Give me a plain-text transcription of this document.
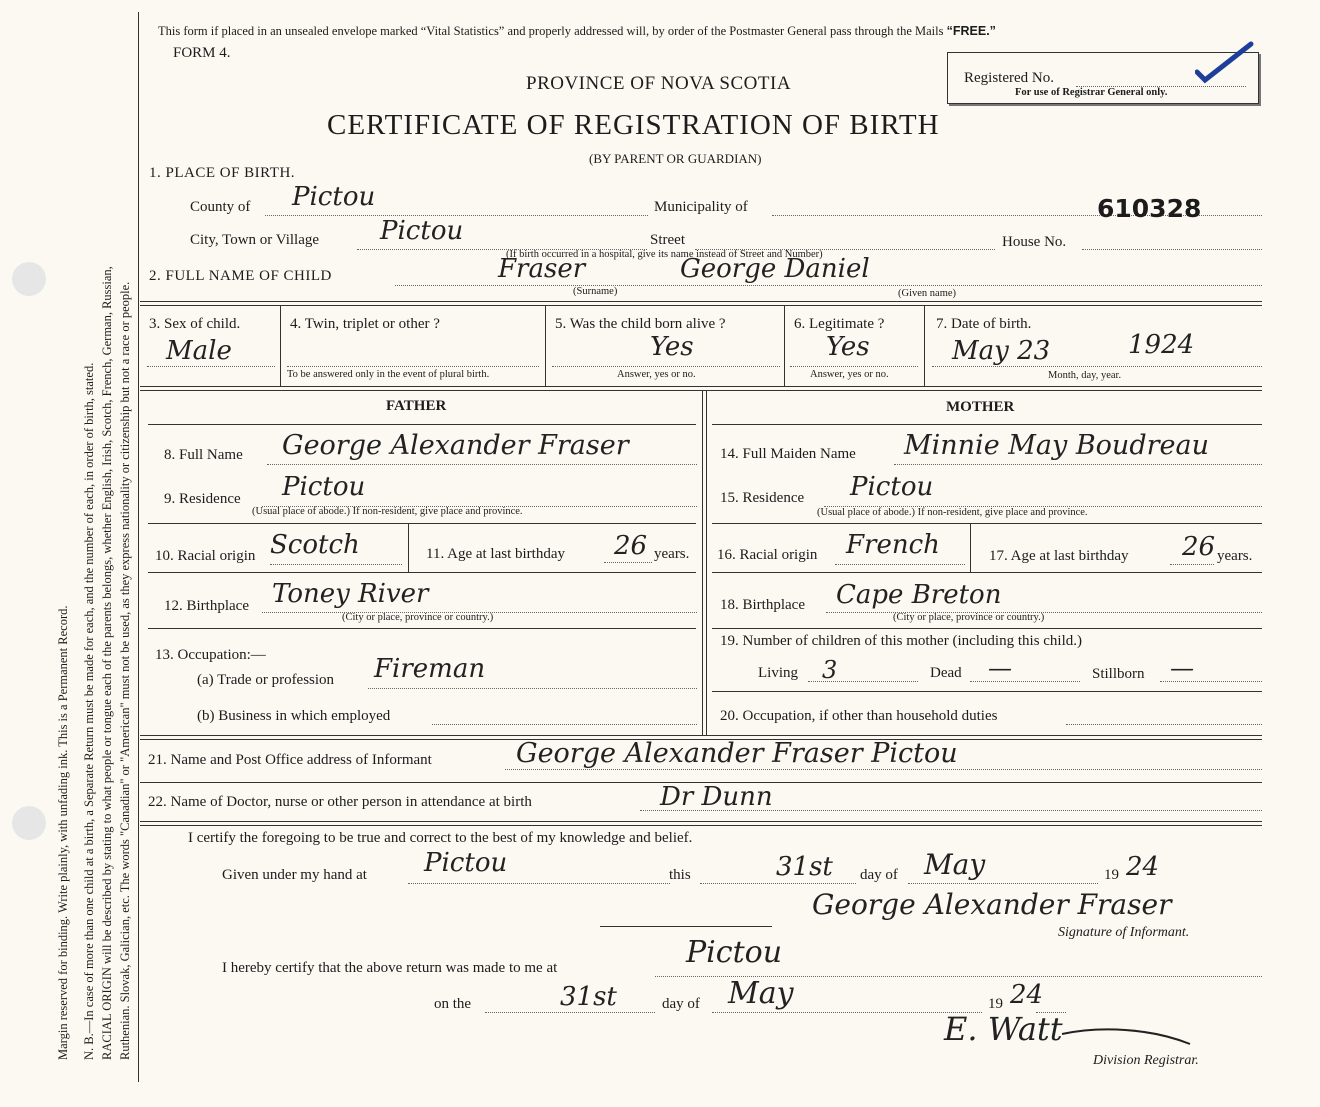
Margin reserved for binding. Write plainly, with unfading ink. This is a Permanent Record. N. B.—In case of more than one child at a birth, a Separate Return must be made for each, and the number of each, in order of birth, stated. RACIAL ORIGIN will be described by stating to what people or tongue each of the parents belongs, whether English, Irish, Scotch, French, German, Russian, Ruthenian. Slovak, Galician, etc. The words "Canadian" or "American" must not be used, as they express nationality or citizenship but not a race or people.
This form if placed in an unsealed envelope marked “Vital Statistics” and properly addressed will, by order of the Postmaster General pass through the Mails “FREE.”
FORM 4.
PROVINCE OF NOVA SCOTIA
CERTIFICATE OF REGISTRATION OF BIRTH
(BY PARENT OR GUARDIAN)
Registered No.
For use of Registrar General only.
1. PLACE OF BIRTH.
County of Pictou	Municipality of	610328
City, Town or Village Pictou	Street	House No.
(If birth occurred in a hospital, give its name instead of Street and Number)
2. FULL NAME OF CHILD	Fraser	George Daniel
(Surname)	(Given name)
3. Sex of child.
Male
4. Twin, triplet or other ?
To be answered only in the event of plural birth.
5. Was the child born alive ?
Yes
Answer, yes or no.
6. Legitimate ?
Yes
Answer, yes or no.
7. Date of birth.
May 23	1924
Month, day, year.
FATHER
8. Full Name George Alexander Fraser
9. Residence Pictou
(Usual place of abode.) If non-resident, give place and province.
10. Racial origin Scotch	11. Age at last birthday 26 years.
12. Birthplace Toney River
(City or place, province or country.)
13. Occupation:—
(a) Trade or profession Fireman
(b) Business in which employed
MOTHER
14. Full Maiden Name Minnie May Boudreau
15. Residence Pictou
(Usual place of abode.) If non-resident, give place and province.
16. Racial origin French	17. Age at last birthday 26 years.
18. Birthplace Cape Breton
(City or place, province or country.)
19. Number of children of this mother (including this child.)
Living 3	Dead —	Stillborn —
20. Occupation, if other than household duties
21. Name and Post Office address of Informant	George Alexander Fraser Pictou
22. Name of Doctor, nurse or other person in attendance at birth	Dr Dunn
I certify the foregoing to be true and correct to the best of my knowledge and belief.
Given under my hand at Pictou	this	31st day of May	19 24
George Alexander Fraser
Signature of Informant.
I hereby certify that the above return was made to me at	Pictou
on the	31st	day of May	19 24
E. Watt
Division Registrar.
